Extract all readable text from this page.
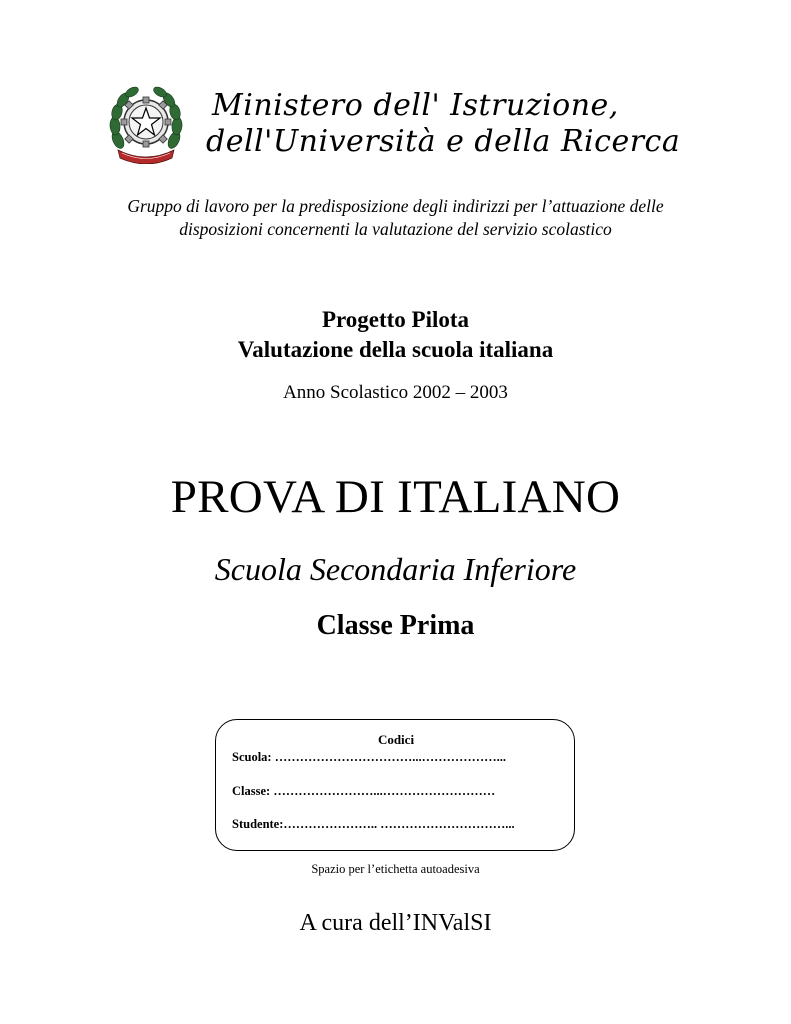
Ministero dell' Istruzione,
dell'Università e della Ricerca
Gruppo di lavoro per la predisposizione degli indirizzi per l’attuazione delle
disposizioni concernenti la valutazione del servizio scolastico
Progetto Pilota
Valutazione della scuola italiana
Anno Scolastico 2002 – 2003
PROVA DI ITALIANO
Scuola Secondaria Inferiore
Classe Prima
Codici
Scuola: ……………………………...………………...
Classe: ……………………...………………………
Studente:………………….. …………………………...
Spazio per l’etichetta autoadesiva
A cura dell’INValSI
